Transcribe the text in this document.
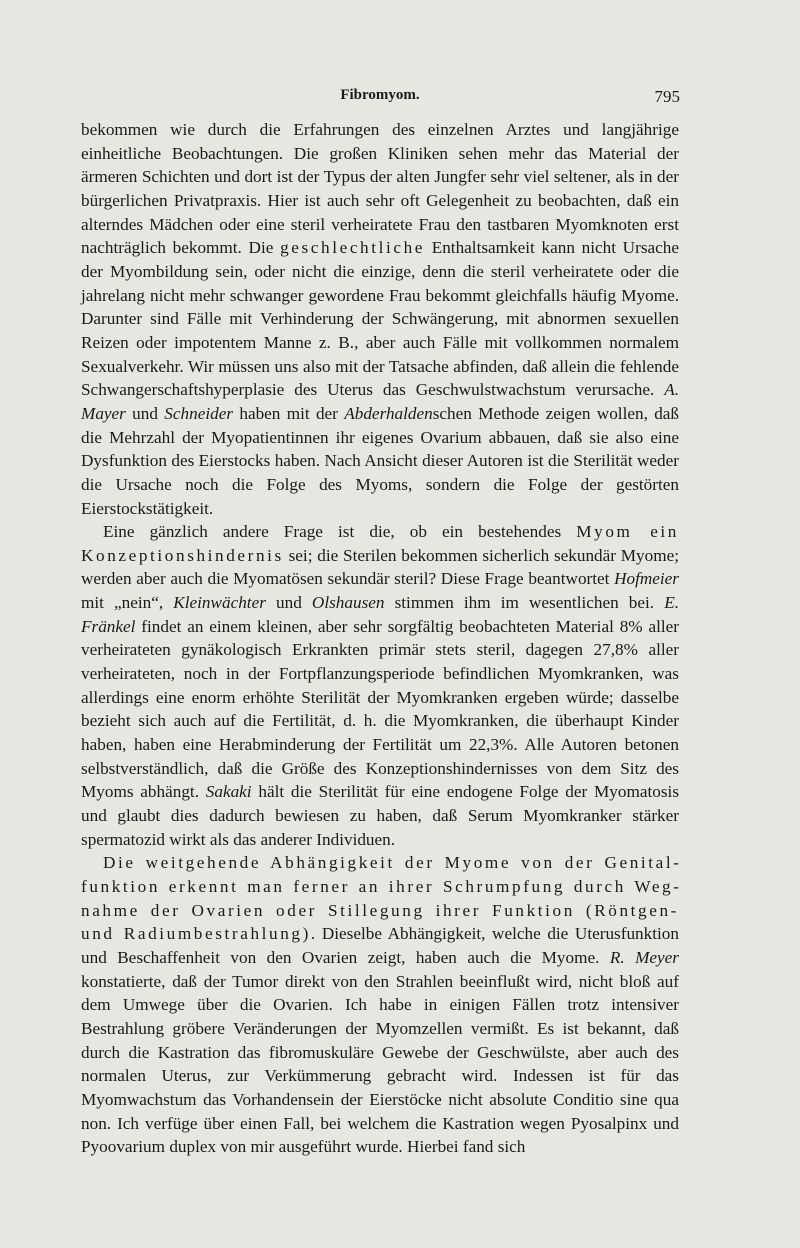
Fibromyom.	795

bekommen wie durch die Erfahrungen des einzelnen Arztes und langjährige einheitliche Beobachtungen. Die großen Kliniken sehen mehr das Material der ärmeren Schichten und dort ist der Typus der alten Jungfer sehr viel seltener, als in der bürgerlichen Privatpraxis. Hier ist auch sehr oft Gelegenheit zu beobachten, daß ein alterndes Mädchen oder eine steril verheiratete Frau den tastbaren Myomknoten erst nachträglich bekommt. Die geschlechtliche Enthaltsamkeit kann nicht Ursache der Myombildung sein, oder nicht die einzige, denn die steril verheiratete oder die jahrelang nicht mehr schwanger gewordene Frau bekommt gleichfalls häufig Myome. Darunter sind Fälle mit Verhinderung der Schwängerung, mit abnormen sexuellen Reizen oder impotentem Manne z. B., aber auch Fälle mit vollkommen normalem Sexualverkehr. Wir müssen uns also mit der Tatsache abfinden, daß allein die fehlende Schwangerschaftshyperplasie des Uterus das Geschwulstwachstum verursache. A. Mayer und Schneider haben mit der Abderhaldenschen Methode zeigen wollen, daß die Mehrzahl der Myopatientinnen ihr eigenes Ovarium abbauen, daß sie also eine Dysfunktion des Eierstocks haben. Nach Ansicht dieser Autoren ist die Sterilität weder die Ursache noch die Folge des Myoms, sondern die Folge der gestörten Eierstockstätigkeit.

Eine gänzlich andere Frage ist die, ob ein bestehendes Myom ein Konzeptionshindernis sei; die Sterilen bekommen sicherlich sekundär Myome; werden aber auch die Myomatösen sekundär steril? Diese Frage beantwortet Hofmeier mit „nein“, Kleinwächter und Olshausen stimmen ihm im wesentlichen bei. E. Fränkel findet an einem kleinen, aber sehr sorgfältig beobachteten Material 8% aller verheirateten gynäkologisch Erkrankten primär stets steril, dagegen 27,8% aller verheirateten, noch in der Fortpflanzungsperiode befindlichen Myomkranken, was allerdings eine enorm erhöhte Sterilität der Myomkranken ergeben würde; dasselbe bezieht sich auch auf die Fertilität, d. h. die Myomkranken, die überhaupt Kinder haben, haben eine Herabminderung der Fertilität um 22,3%. Alle Autoren betonen selbstverständlich, daß die Größe des Konzeptionshindernisses von dem Sitz des Myoms abhängt. Sakaki hält die Sterilität für eine endogene Folge der Myomatosis und glaubt dies dadurch bewiesen zu haben, daß Serum Myomkranker stärker spermatozid wirkt als das anderer Individuen.

Die weitgehende Abhängigkeit der Myome von der Genitalfunktion erkennt man ferner an ihrer Schrumpfung durch Wegnahme der Ovarien oder Stillegung ihrer Funktion (Röntgen- und Radiumbestrahlung). Dieselbe Abhängigkeit, welche die Uterusfunktion und Beschaffenheit von den Ovarien zeigt, haben auch die Myome. R. Meyer konstatierte, daß der Tumor direkt von den Strahlen beeinflußt wird, nicht bloß auf dem Umwege über die Ovarien. Ich habe in einigen Fällen trotz intensiver Bestrahlung gröbere Veränderungen der Myomzellen vermißt. Es ist bekannt, daß durch die Kastration das fibromuskuläre Gewebe der Geschwülste, aber auch des normalen Uterus, zur Verkümmerung gebracht wird. Indessen ist für das Myomwachstum das Vorhandensein der Eierstöcke nicht absolute Conditio sine qua non. Ich verfüge über einen Fall, bei welchem die Kastration wegen Pyosalpinx und Pyoovarium duplex von mir ausgeführt wurde. Hierbei fand sich
